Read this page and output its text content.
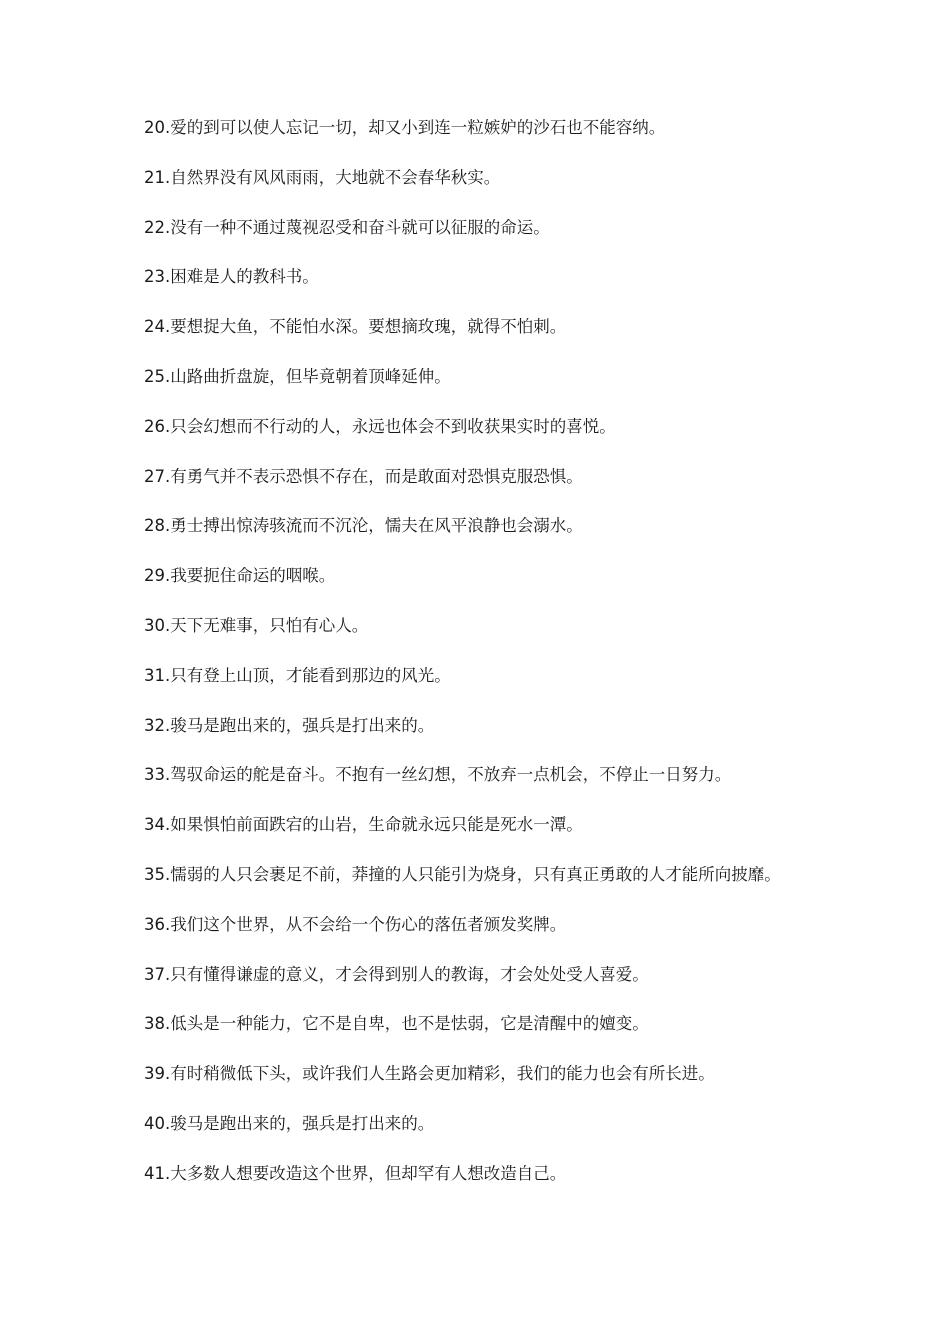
20.爱的到可以使人忘记一切，却又小到连一粒嫉妒的沙石也不能容纳。
21.自然界没有风风雨雨，大地就不会春华秋实。
22.没有一种不通过蔑视忍受和奋斗就可以征服的命运。
23.困难是人的教科书。
24.要想捉大鱼，不能怕水深。要想摘玫瑰，就得不怕刺。
25.山路曲折盘旋，但毕竟朝着顶峰延伸。
26.只会幻想而不行动的人，永远也体会不到收获果实时的喜悦。
27.有勇气并不表示恐惧不存在，而是敢面对恐惧克服恐惧。
28.勇士搏出惊涛骇流而不沉沦，懦夫在风平浪静也会溺水。
29.我要扼住命运的咽喉。
30.天下无难事，只怕有心人。
31.只有登上山顶，才能看到那边的风光。
32.骏马是跑出来的，强兵是打出来的。
33.驾驭命运的舵是奋斗。不抱有一丝幻想，不放弃一点机会，不停止一日努力。
34.如果惧怕前面跌宕的山岩，生命就永远只能是死水一潭。
35.懦弱的人只会裹足不前，莽撞的人只能引为烧身，只有真正勇敢的人才能所向披靡。
36.我们这个世界，从不会给一个伤心的落伍者颁发奖牌。
37.只有懂得谦虚的意义，才会得到别人的教诲，才会处处受人喜爱。
38.低头是一种能力，它不是自卑，也不是怯弱，它是清醒中的嬗变。
39.有时稍微低下头，或许我们人生路会更加精彩，我们的能力也会有所长进。
40.骏马是跑出来的，强兵是打出来的。
41.大多数人想要改造这个世界，但却罕有人想改造自己。
